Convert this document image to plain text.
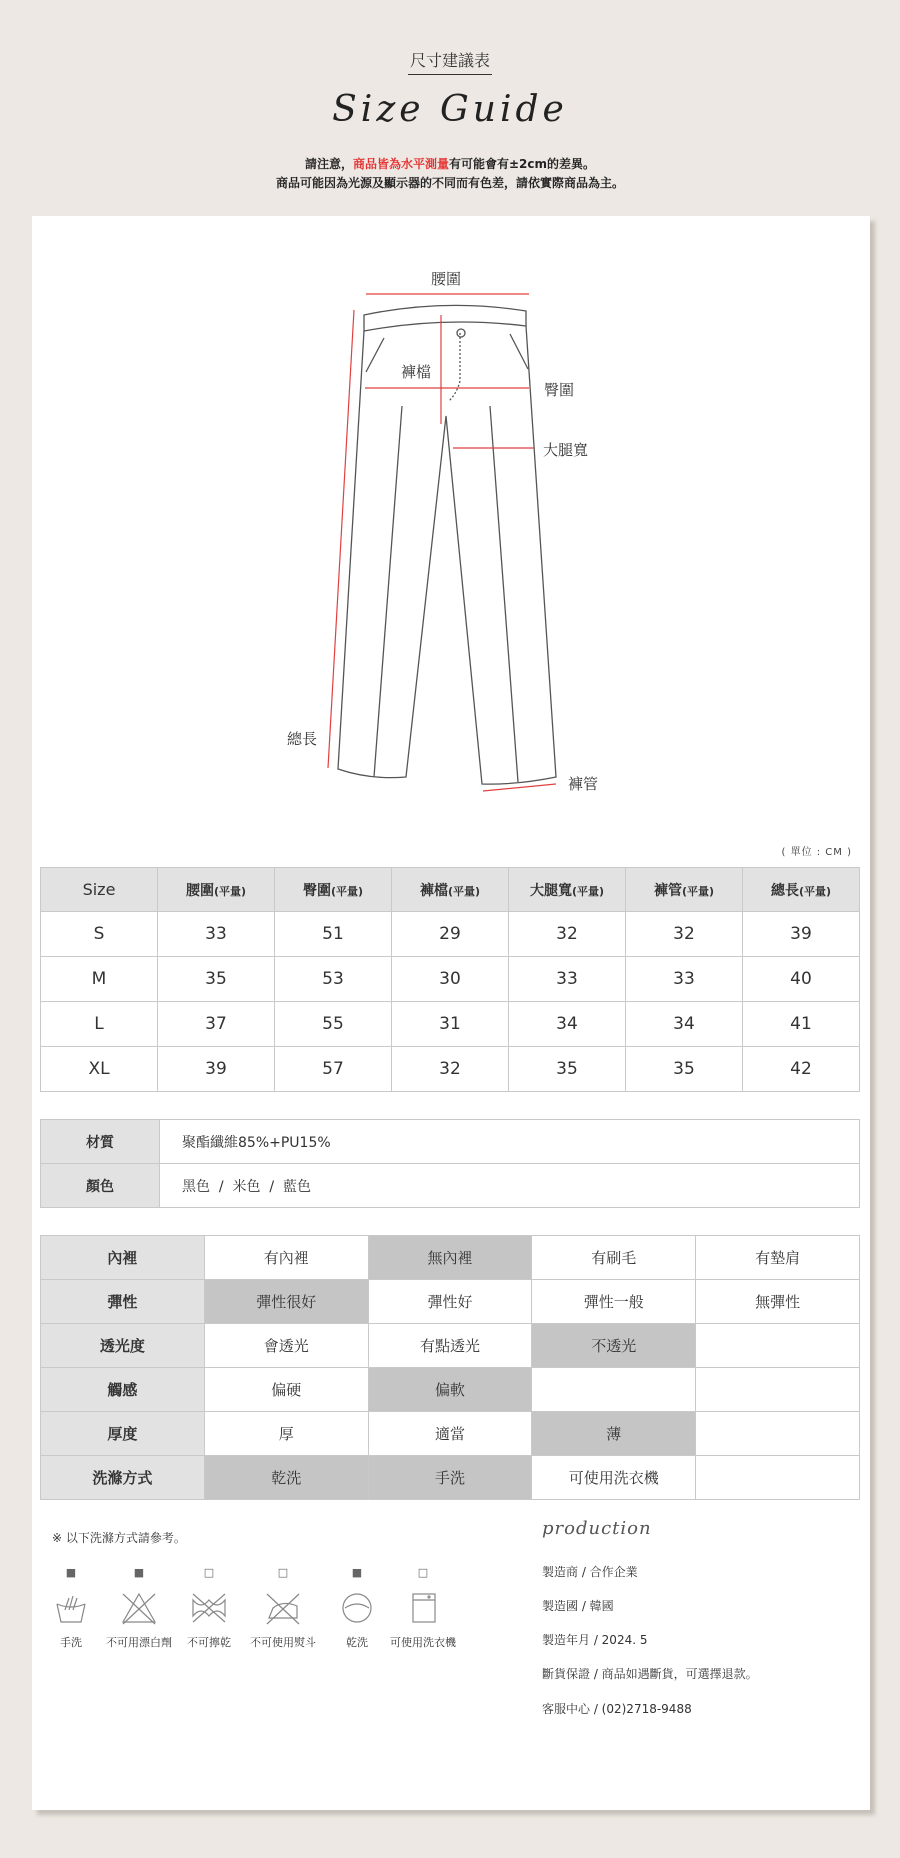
尺寸建議表
Size Guide
請注意，商品皆為水平測量有可能會有±2cm的差異。
商品可能因為光源及顯示器的不同而有色差，請依實際商品為主。
腰圍
褲檔
臀圍
大腿寬
總長
褲管
( 單位 : CM )
Size	腰圍(平量)	臀圍(平量)	褲檔(平量)	大腿寬(平量)	褲管(平量)	總長(平量)
S	33	51	29	32	32	39
M	35	53	30	33	33	40
L	37	55	31	34	34	41
XL	39	57	32	35	35	42
材質	聚酯纖維85%+PU15%
顏色	黑色  /  米色  /  藍色
內裡	有內裡	無內裡	有刷毛	有墊肩
彈性	彈性很好	彈性好	彈性一般	無彈性
透光度	會透光	有點透光	不透光	
觸感	偏硬	偏軟		
厚度	厚	適當	薄	
洗滌方式	乾洗	手洗	可使用洗衣機	
※ 以下洗滌方式請參考。
■
手洗
■
不可用漂白劑
□
不可擰乾
□
不可使用熨斗
■
乾洗
□
可使用洗衣機
production
製造商 / 合作企業
製造國 / 韓國
製造年月 / 2024. 5
斷貨保證 / 商品如遇斷貨，可選擇退款。
客服中心 / (02)2718-9488
